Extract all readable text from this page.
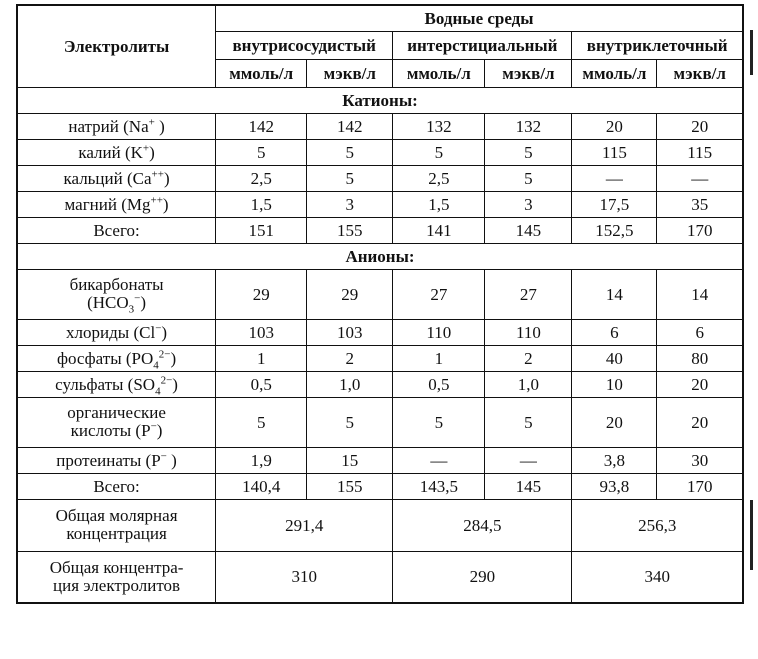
Электролиты	Водные среды					
	внутрисосудистый		интерстициальный		внутриклеточный	
	ммоль/л	мэкв/л	ммоль/л	мэкв/л	ммоль/л	мэкв/л
Катионы:						
натрий (Na+ )	142	142	132	132	20	20
калий (K+)	5	5	5	5	115	115
кальций (Ca++)	2,5	5	2,5	5	—	—
магний (Mg++)	1,5	3	1,5	3	17,5	35
Всего:	151	155	141	145	152,5	170
Анионы:						
бикарбонаты
$(HCO_3^-)$	29	29	27	27	14	14
хлориды (Cl−)	103	103	110	110	6	6
фосфаты $(PO_4^{2-})$	1	2	1	2	40	80
сульфаты $(SO_4^{2-})$	0,5	1,0	0,5	1,0	10	20
органические
кислоты (P−)	5	5	5	5	20	20
протеинаты (P− )	1,9	15	—	—	3,8	30
Всего:	140,4	155	143,5	145	93,8	170
Общая молярная
концентрация	291,4		284,5		256,3	
Общая концентра-
ция электролитов	310		290		340	
